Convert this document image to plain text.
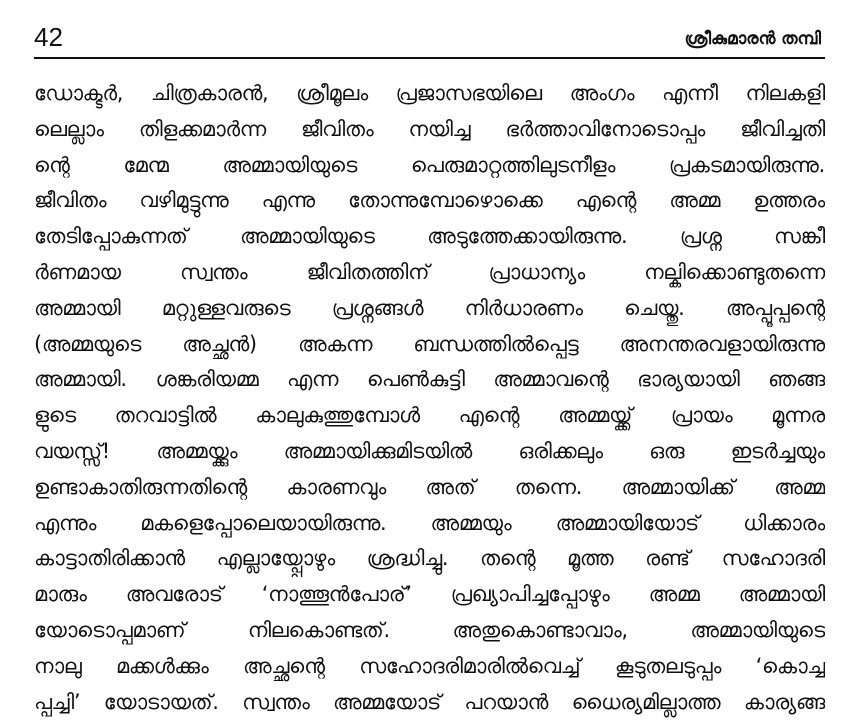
42	ശ്രീകുമാരൻ തമ്പി
ഡോക്ടർ, ചിത്രകാരൻ, ശ്രീമൂലം പ്രജാസഭയിലെ അംഗം എന്നീ നിലകളി
ലെല്ലാം തിളക്കമാർന്ന ജീവിതം നയിച്ച ഭർത്താവിനോടൊപ്പം ജീവിച്ചതി
ന്റെ മേന്മ അമ്മായിയുടെ പെരുമാറ്റത്തിലുടനീളം പ്രകടമായിരുന്നു.
ജീവിതം വഴിമുട്ടുന്നു എന്നു തോന്നുമ്പോഴൊക്കെ എന്റെ അമ്മ ഉത്തരം
തേടിപ്പോകുന്നത് അമ്മായിയുടെ അടുത്തേക്കായിരുന്നു. പ്രശ്ന സങ്കീ
ർണമായ സ്വന്തം ജീവിതത്തിന് പ്രാധാന്യം നല്കിക്കൊണ്ടുതന്നെ
അമ്മായി മറ്റുള്ളവരുടെ പ്രശ്നങ്ങൾ നിർധാരണം ചെയ്തു. അപ്പൂപ്പന്റെ
(അമ്മയുടെ അച്ഛൻ) അകന്ന ബന്ധത്തിൽപ്പെട്ട അനന്തരവളായിരുന്നു
അമ്മായി. ശങ്കരിയമ്മ എന്ന പെൺകുട്ടി അമ്മാവന്റെ ഭാര്യയായി ഞങ്ങ
ളുടെ തറവാട്ടിൽ കാലുകുത്തുമ്പോൾ എന്റെ അമ്മയ്ക്ക് പ്രായം മൂന്നര
വയസ്സ്! അമ്മയ്ക്കും അമ്മായിക്കുമിടയിൽ ഒരിക്കലും ഒരു ഇടർച്ചയും
ഉണ്ടാകാതിരുന്നതിന്റെ കാരണവും അത് തന്നെ. അമ്മായിക്ക് അമ്മ
എന്നും മകളെപ്പോലെയായിരുന്നു. അമ്മയും അമ്മായിയോട് ധിക്കാരം
കാട്ടാതിരിക്കാൻ എല്ലായ്പ്പോഴും ശ്രദ്ധിച്ചു. തന്റെ മൂത്ത രണ്ട് സഹോദരി
മാരും അവരോട് ‘നാത്തൂൻപോര്’ പ്രഖ്യാപിച്ചപ്പോഴും അമ്മ അമ്മായി
യോടൊപ്പമാണ് നിലകൊണ്ടത്. അതുകൊണ്ടാവാം, അമ്മായിയുടെ
നാലു മക്കൾക്കും അച്ഛന്റെ സഹോദരിമാരിൽവെച്ച് കൂടുതലടുപ്പം ‘കൊച്ച
പ്പച്ചി’ യോടായത്. സ്വന്തം അമ്മയോട് പറയാൻ ധൈര്യമില്ലാത്ത കാര്യങ്ങ
